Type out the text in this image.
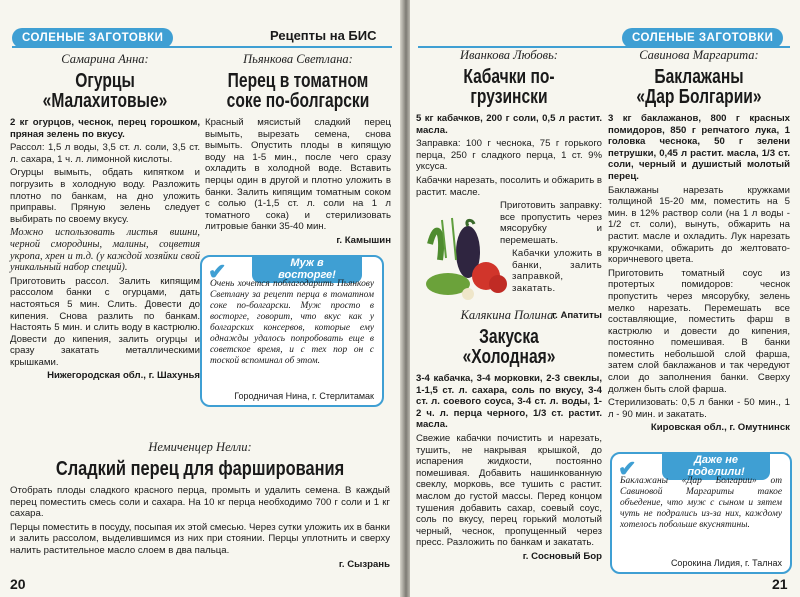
СОЛЕНЫЕ ЗАГОТОВКИ	Рецепты на БИС
Самарина Анна:
Огурцы
«Малахитовые»
2 кг огурцов, чеснок, перец горошком, пряная зелень по вкусу.
Рассол: 1,5 л воды, 3,5 ст. л. соли, 3,5 ст. л. сахара, 1 ч. л. лимонной кислоты.
Огурцы вымыть, обдать кипятком и погрузить в холодную воду. Разложить плотно по банкам, на дно уложить приправы. Пряную зелень следует выбирать по своему вкусу.
Можно использовать листья вишни, черной смородины, малины, соцветия укропа, хрен и т.д. (у каждой хозяйки свой уникальный набор специй).
Приготовить рассол. Залить кипящим рассолом банки с огурцами, дать настояться 5 мин. Слить. Довести до кипения. Снова разлить по банкам. Настоять 5 мин. и слить воду в кастрюлю. Довести до кипения, залить огурцы и сразу закатать металлическими крышками.
Нижегородская обл., г. Шахунья
Пьянкова Светлана:
Перец в томатном
соке по-болгарски
Красный мясистый сладкий перец вымыть, вырезать семена, снова вымыть. Опустить плоды в кипящую воду на 1-5 мин., после чего сразу охладить в холодной воде. Вставить перцы один в другой и плотно уложить в банки. Залить кипящим томатным соком с солью (1-1,5 ст. л. соли на 1 л томатного сока) и стерилизовать литровые банки 35-40 мин.
г. Камышин
✔	Муж в восторге!
Очень хочется поблагодарить Пьянкову Светлану за рецепт перца в томатном соке по-болгарски. Муж просто в восторге, говорит, что вкус как у болгарских консервов, которые ему однажды удалось попробовать еще в советское время, и с тех пор он с тоской вспоминал об этом.
Городничая Нина, г. Стерлитамак
Немиченцер Нелли:
Сладкий перец для фарширования
Отобрать плоды сладкого красного перца, промыть и удалить семена. В каждый перец поместить смесь соли и сахара. На 10 кг перца необходимо 700 г соли и 1 кг сахара.
Перцы поместить в посуду, посыпая их этой смесью. Через сутки уложить их в банки и залить рассолом, выделившимся из них при стоянии. Перцы уплотнить и сверху налить растительное масло слоем в два пальца.
г. Сызрань
20
СОЛЕНЫЕ ЗАГОТОВКИ
Иванкова Любовь:
Кабачки по-грузински
5 кг кабачков, 200 г соли, 0,5 л растит. масла.
Заправка: 100 г чеснока, 75 г горького перца, 250 г сладкого перца, 1 ст. 9% уксуса.
Кабачки нарезать, посолить и обжарить в растит. масле.
Приготовить заправку: все пропустить через мясорубку и перемешать.
Кабачки уложить в банки, залить заправкой, закатать.
г. Апатиты
Калякина Полина:
Закуска «Холодная»
3-4 кабачка, 3-4 морковки, 2-3 свеклы, 1-1,5 ст. л. сахара, соль по вкусу, 3-4 ст. л. соевого соуса, 3-4 ст. л. воды, 1-2 ч. л. перца черного, 1/3 ст. растит. масла.
Свежие кабачки почистить и нарезать, тушить, не накрывая крышкой, до испарения жидкости, постоянно помешивая. Добавить нашинкованную свеклу, морковь, все тушить с растит. маслом до густой массы. Перед концом тушения добавить сахар, соевый соус, соль по вкусу, перец горький молотый черный, чеснок, пропущенный через пресс. Разложить по банкам и закатать.
г. Сосновый Бор
Савинова Маргарита:
Баклажаны
«Дар Болгарии»
3 кг баклажанов, 800 г красных помидоров, 850 г репчатого лука, 1 головка чеснока, 50 г зелени петрушки, 0,45 л растит. масла, 1/3 ст. соли, черный и душистый молотый перец.
Баклажаны нарезать кружками толщиной 15-20 мм, поместить на 5 мин. в 12% раствор соли (на 1 л воды - 1/2 ст. соли), вынуть, обжарить на растит. масле и охладить. Лук нарезать кружочками, обжарить до желтовато-коричневого цвета.
Приготовить томатный соус из протертых помидоров: чеснок пропустить через мясорубку, зелень мелко нарезать. Перемешать все составляющие, поместить фарш в кастрюлю и довести до кипения, постоянно помешивая. В банки поместить небольшой слой фарша, затем слой баклажанов и так чередуют слои до заполнения банки. Сверху должен быть слой фарша.
Стерилизовать: 0,5 л банки - 50 мин., 1 л - 90 мин. и закатать.
Кировская обл., г. Омутнинск
✔	Даже не поделили!
Баклажаны «Дар Болгарии» от Савиновой Маргариты такое объедение, что муж с сыном и зятем чуть не подрались из-за них, каждому хотелось побольше вкуснятины.
Сорокина Лидия, г. Талнах
21
